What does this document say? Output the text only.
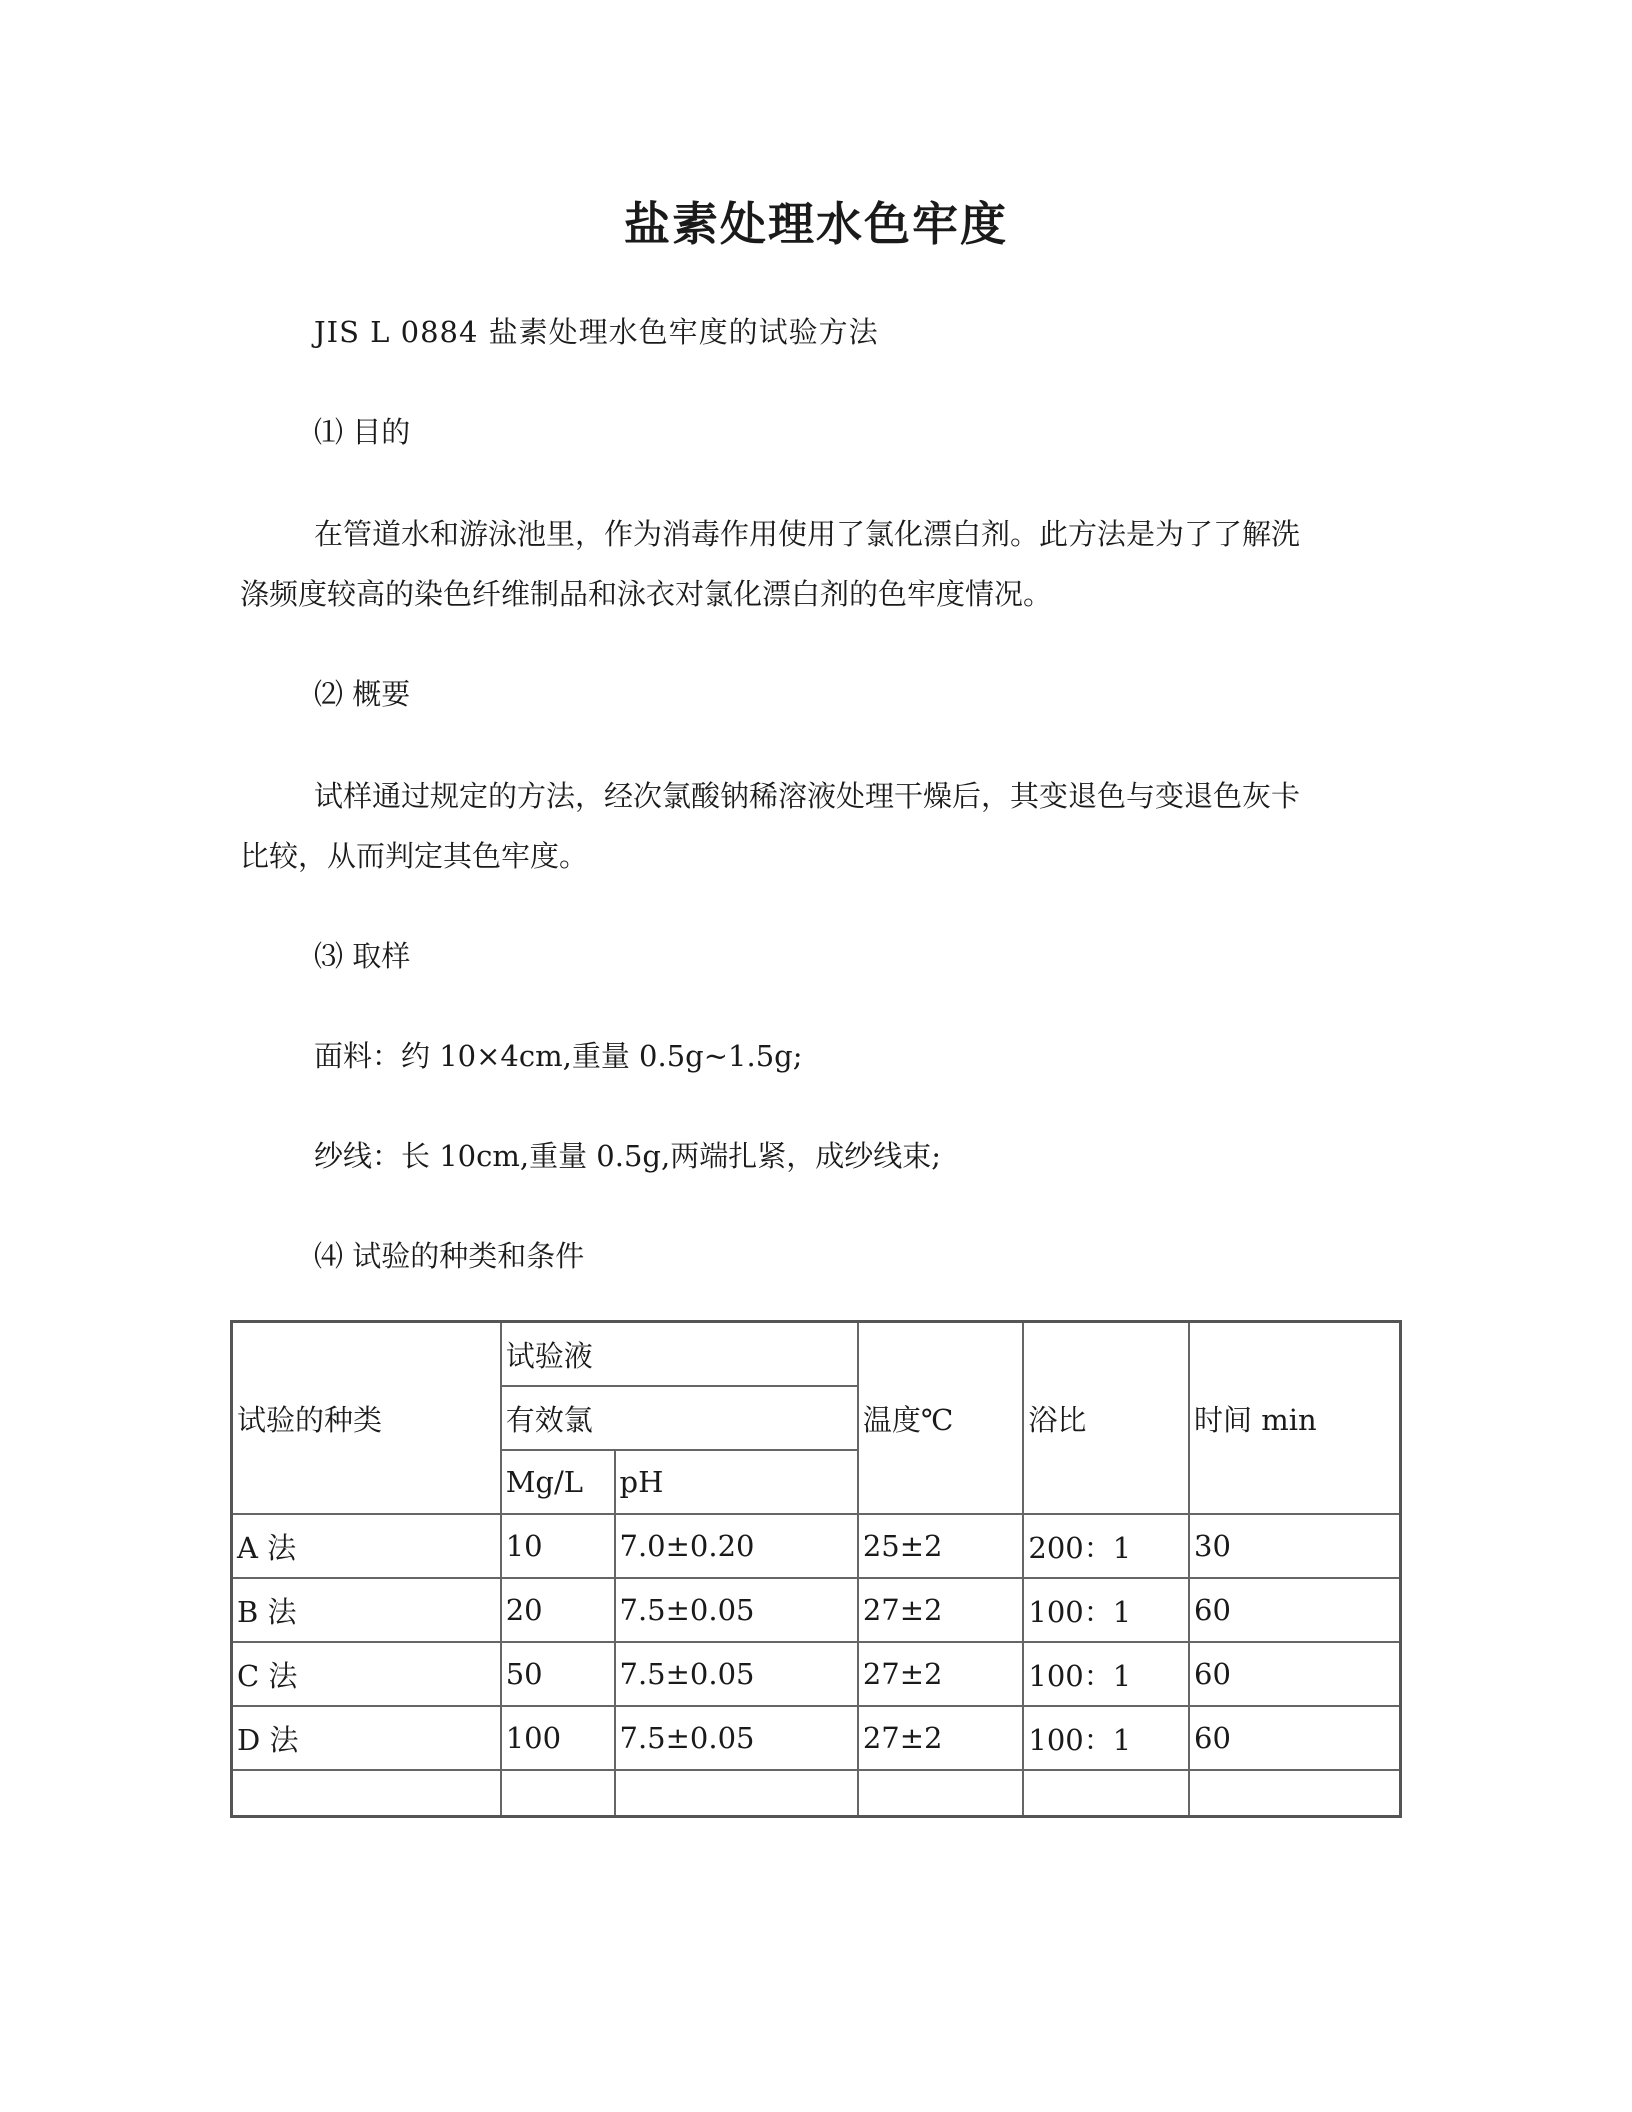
盐素处理水色牢度
JIS L 0884 盐素处理水色牢度的试验方法
⑴ 目的
在管道水和游泳池里，作为消毒作用使用了氯化漂白剂。此方法是为了了解洗
涤频度较高的染色纤维制品和泳衣对氯化漂白剂的色牢度情况。
⑵ 概要
试样通过规定的方法，经次氯酸钠稀溶液处理干燥后，其变退色与变退色灰卡
比较，从而判定其色牢度。
⑶ 取样
面料：约 10×4cm,重量 0.5g~1.5g;
纱线：长 10cm,重量 0.5g,两端扎紧，成纱线束;
⑷ 试验的种类和条件
试验的种类	试验液		温度℃	浴比	时间 min
	有效氯				
	Mg/L	pH			
A 法	10	7.0±0.20	25±2	200：1	30
B 法	20	7.5±0.05	27±2	100：1	60
C 法	50	7.5±0.05	27±2	100：1	60
D 法	100	7.5±0.05	27±2	100：1	60
